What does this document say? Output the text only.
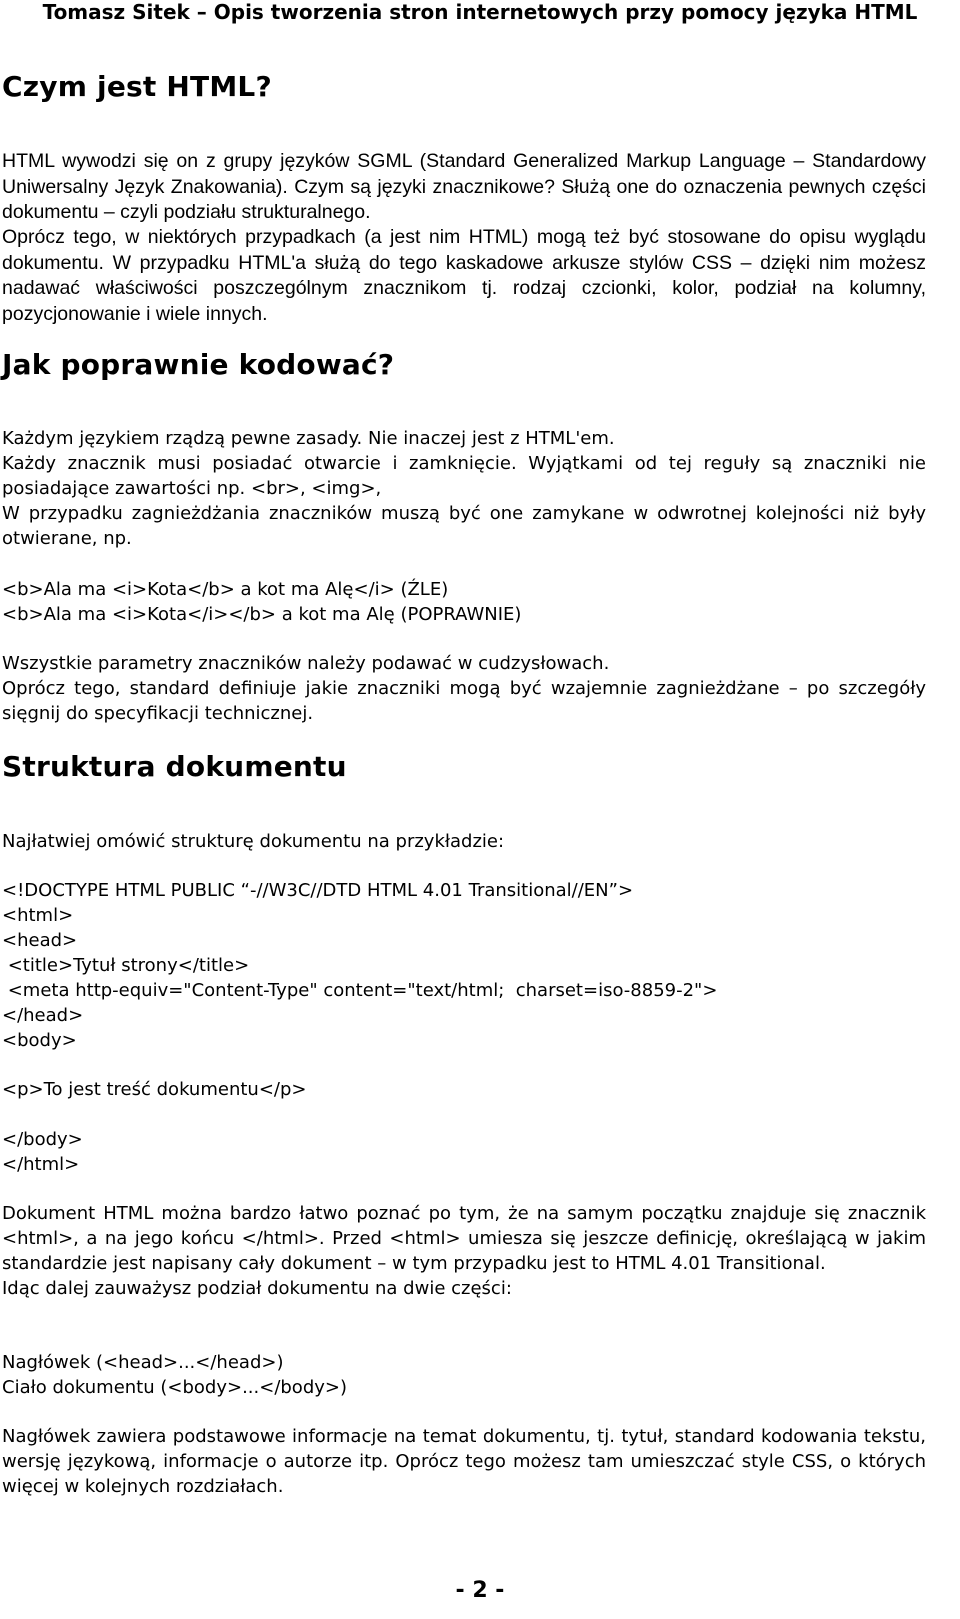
Tomasz Sitek – Opis tworzenia stron internetowych przy pomocy języka HTML
Czym jest HTML?

HTML wywodzi się on z grupy języków SGML (Standard Generalized Markup Language – Standardowy Uniwersalny Język Znakowania). Czym są języki znacznikowe? Służą one do oznaczenia pewnych części dokumentu – czyli podziału strukturalnego.

Oprócz tego, w niektórych przypadkach (a jest nim HTML) mogą też być stosowane do opisu wyglądu dokumentu. W przypadku HTML'a służą do tego kaskadowe arkusze stylów CSS – dzięki nim możesz nadawać właściwości poszczególnym znacznikom tj. rodzaj czcionki, kolor, podział na kolumny, pozycjonowanie i wiele innych.

Jak poprawnie kodować?

Każdym językiem rządzą pewne zasady. Nie inaczej jest z HTML'em.

Każdy znacznik musi posiadać otwarcie i zamknięcie. Wyjątkami od tej reguły są znaczniki nie posiadające zawartości np. <br>, <img>,

W przypadku zagnieżdżania znaczników muszą być one zamykane w odwrotnej kolejności niż były otwierane, np.

<b>Ala ma <i>Kota</b> a kot ma Alę</i> (ŹLE)

<b>Ala ma <i>Kota</i></b> a kot ma Alę (POPRAWNIE)

Wszystkie parametry znaczników należy podawać w cudzysłowach.

Oprócz tego, standard definiuje jakie znaczniki mogą być wzajemnie zagnieżdżane – po szczegóły sięgnij do specyfikacji technicznej.

Struktura dokumentu

Najłatwiej omówić strukturę dokumentu na przykładzie:

<!DOCTYPE HTML PUBLIC “-//W3C//DTD HTML 4.01 Transitional//EN”>

<html>

<head>

<title>Tytuł strony</title>

<meta http-equiv="Content-Type" content="text/html;  charset=iso-8859-2">

</head>

<body>

<p>To jest treść dokumentu</p>

</body>

</html>

Dokument HTML można bardzo łatwo poznać po tym, że na samym początku znajduje się znacznik <html>, a na jego końcu </html>. Przed <html> umiesza się jeszcze definicję, określającą w jakim standardzie jest napisany cały dokument – w tym przypadku jest to HTML 4.01 Transitional.

Idąc dalej zauważysz podział dokumentu na dwie części:

Nagłówek (<head>...</head>)

Ciało dokumentu (<body>...</body>)

Nagłówek zawiera podstawowe informacje na temat dokumentu, tj. tytuł, standard kodowania tekstu, wersję językową, informacje o autorze itp. Oprócz tego możesz tam umieszczać style CSS, o których więcej w kolejnych rozdziałach.

- 2 -
